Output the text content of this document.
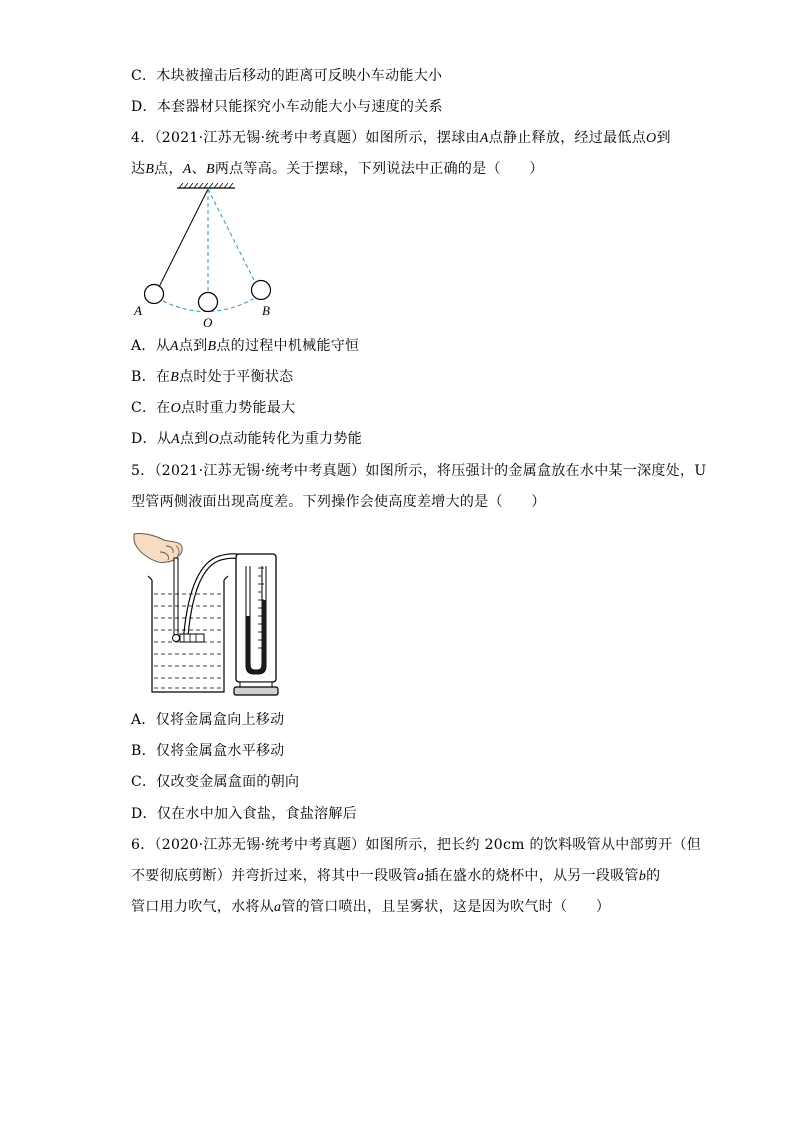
C．木块被撞击后移动的距离可反映小车动能大小
D．本套器材只能探究小车动能大小与速度的关系
4．（2021·江苏无锡·统考中考真题）如图所示，摆球由A点静止释放，经过最低点O到
达B点，A、B两点等高。关于摆球，下列说法中正确的是（　　）
A
O
B
A．从A点到B点的过程中机械能守恒
B．在B点时处于平衡状态
C．在O点时重力势能最大
D．从A点到O点动能转化为重力势能
5．（2021·江苏无锡·统考中考真题）如图所示，将压强计的金属盒放在水中某一深度处，U
型管两侧液面出现高度差。下列操作会使高度差增大的是（　　）
A．仅将金属盒向上移动
B．仅将金属盒水平移动
C．仅改变金属盒面的朝向
D．仅在水中加入食盐，食盐溶解后
6．（2020·江苏无锡·统考中考真题）如图所示，把长约 20cm 的饮料吸管从中部剪开（但
不要彻底剪断）并弯折过来，将其中一段吸管a插在盛水的烧杯中，从另一段吸管b的
管口用力吹气，水将从a管的管口喷出，且呈雾状，这是因为吹气时（　　）
